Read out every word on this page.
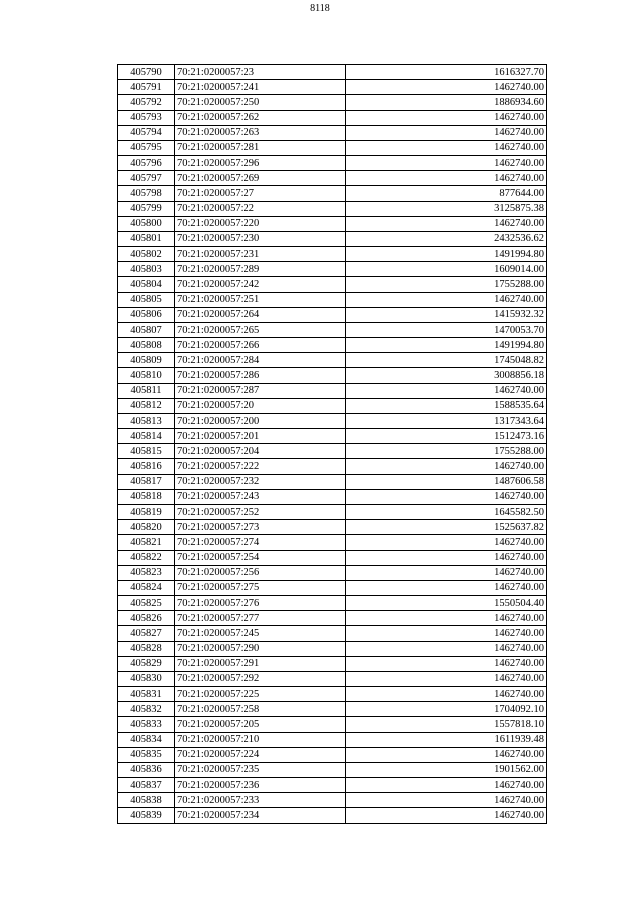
8118
405790	70:21:0200057:23	1616327.70
405791	70:21:0200057:241	1462740.00
405792	70:21:0200057:250	1886934.60
405793	70:21:0200057:262	1462740.00
405794	70:21:0200057:263	1462740.00
405795	70:21:0200057:281	1462740.00
405796	70:21:0200057:296	1462740.00
405797	70:21:0200057:269	1462740.00
405798	70:21:0200057:27	877644.00
405799	70:21:0200057:22	3125875.38
405800	70:21:0200057:220	1462740.00
405801	70:21:0200057:230	2432536.62
405802	70:21:0200057:231	1491994.80
405803	70:21:0200057:289	1609014.00
405804	70:21:0200057:242	1755288.00
405805	70:21:0200057:251	1462740.00
405806	70:21:0200057:264	1415932.32
405807	70:21:0200057:265	1470053.70
405808	70:21:0200057:266	1491994.80
405809	70:21:0200057:284	1745048.82
405810	70:21:0200057:286	3008856.18
405811	70:21:0200057:287	1462740.00
405812	70:21:0200057:20	1588535.64
405813	70:21:0200057:200	1317343.64
405814	70:21:0200057:201	1512473.16
405815	70:21:0200057:204	1755288.00
405816	70:21:0200057:222	1462740.00
405817	70:21:0200057:232	1487606.58
405818	70:21:0200057:243	1462740.00
405819	70:21:0200057:252	1645582.50
405820	70:21:0200057:273	1525637.82
405821	70:21:0200057:274	1462740.00
405822	70:21:0200057:254	1462740.00
405823	70:21:0200057:256	1462740.00
405824	70:21:0200057:275	1462740.00
405825	70:21:0200057:276	1550504.40
405826	70:21:0200057:277	1462740.00
405827	70:21:0200057:245	1462740.00
405828	70:21:0200057:290	1462740.00
405829	70:21:0200057:291	1462740.00
405830	70:21:0200057:292	1462740.00
405831	70:21:0200057:225	1462740.00
405832	70:21:0200057:258	1704092.10
405833	70:21:0200057:205	1557818.10
405834	70:21:0200057:210	1611939.48
405835	70:21:0200057:224	1462740.00
405836	70:21:0200057:235	1901562.00
405837	70:21:0200057:236	1462740.00
405838	70:21:0200057:233	1462740.00
405839	70:21:0200057:234	1462740.00
